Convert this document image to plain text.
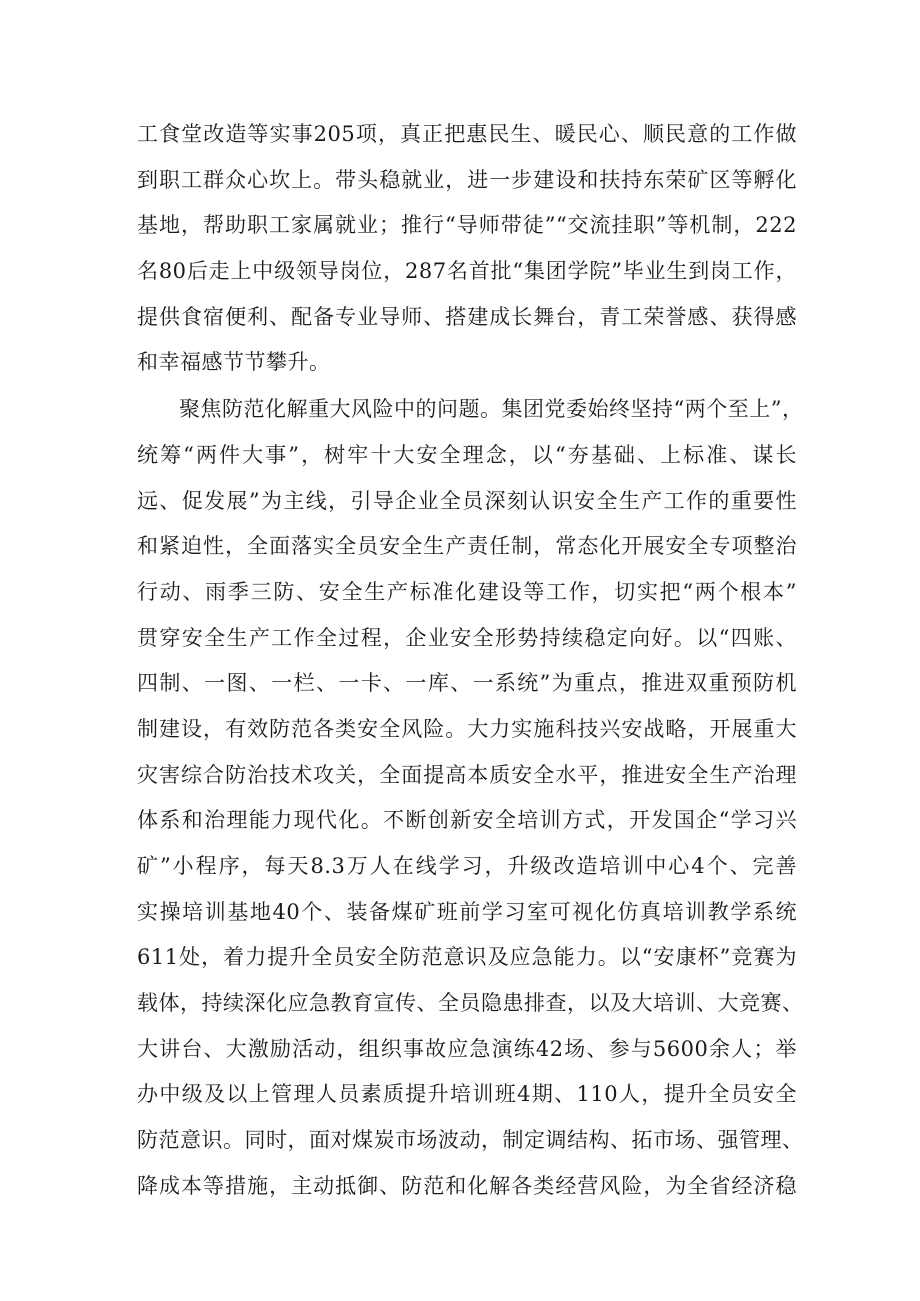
工食堂改造等实事205项，真正把惠民生、暖民心、顺民意的工作做
到职工群众心坎上。带头稳就业，进一步建设和扶持东荣矿区等孵化
基地，帮助职工家属就业；推行“导师带徒”“交流挂职”等机制，222
名80后走上中级领导岗位，287名首批“集团学院”毕业生到岗工作，
提供食宿便利、配备专业导师、搭建成长舞台，青工荣誉感、获得感
和幸福感节节攀升。
聚焦防范化解重大风险中的问题。集团党委始终坚持“两个至上”，
统筹“两件大事”，树牢十大安全理念，以“夯基础、上标准、谋长
远、促发展”为主线，引导企业全员深刻认识安全生产工作的重要性
和紧迫性，全面落实全员安全生产责任制，常态化开展安全专项整治
行动、雨季三防、安全生产标准化建设等工作，切实把“两个根本”
贯穿安全生产工作全过程，企业安全形势持续稳定向好。以“四账、
四制、一图、一栏、一卡、一库、一系统”为重点，推进双重预防机
制建设，有效防范各类安全风险。大力实施科技兴安战略，开展重大
灾害综合防治技术攻关，全面提高本质安全水平，推进安全生产治理
体系和治理能力现代化。不断创新安全培训方式，开发国企“学习兴
矿”小程序，每天8.3万人在线学习，升级改造培训中心4个、完善
实操培训基地40个、装备煤矿班前学习室可视化仿真培训教学系统
611处，着力提升全员安全防范意识及应急能力。以“安康杯”竞赛为
载体，持续深化应急教育宣传、全员隐患排查，以及大培训、大竞赛、
大讲台、大激励活动，组织事故应急演练42场、参与5600余人；举
办中级及以上管理人员素质提升培训班4期、110人，提升全员安全
防范意识。同时，面对煤炭市场波动，制定调结构、拓市场、强管理、
降成本等措施，主动抵御、防范和化解各类经营风险，为全省经济稳
